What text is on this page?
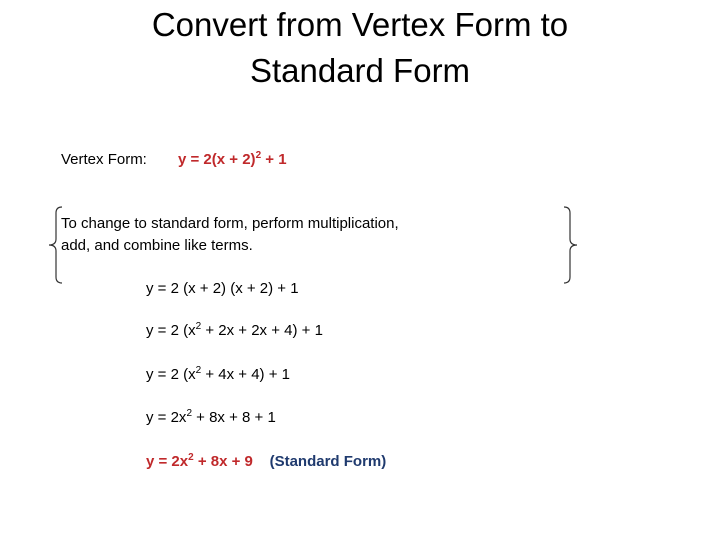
Convert from Vertex Form to
Standard Form
Vertex Form: $y = 2(x + 2)^2 + 1$
To change to standard form, perform multiplication,
add, and combine like terms.
y = 2 (x + 2) (x + 2) + 1
y = 2 $(x^2 + 2x + 2x + 4) + 1$
y = 2 $(x^2 + 4x + 4) + 1$
$y = 2x^2 + 8x + 8 + 1$
$y = 2x^2 + 8x + 9$ (Standard Form)
